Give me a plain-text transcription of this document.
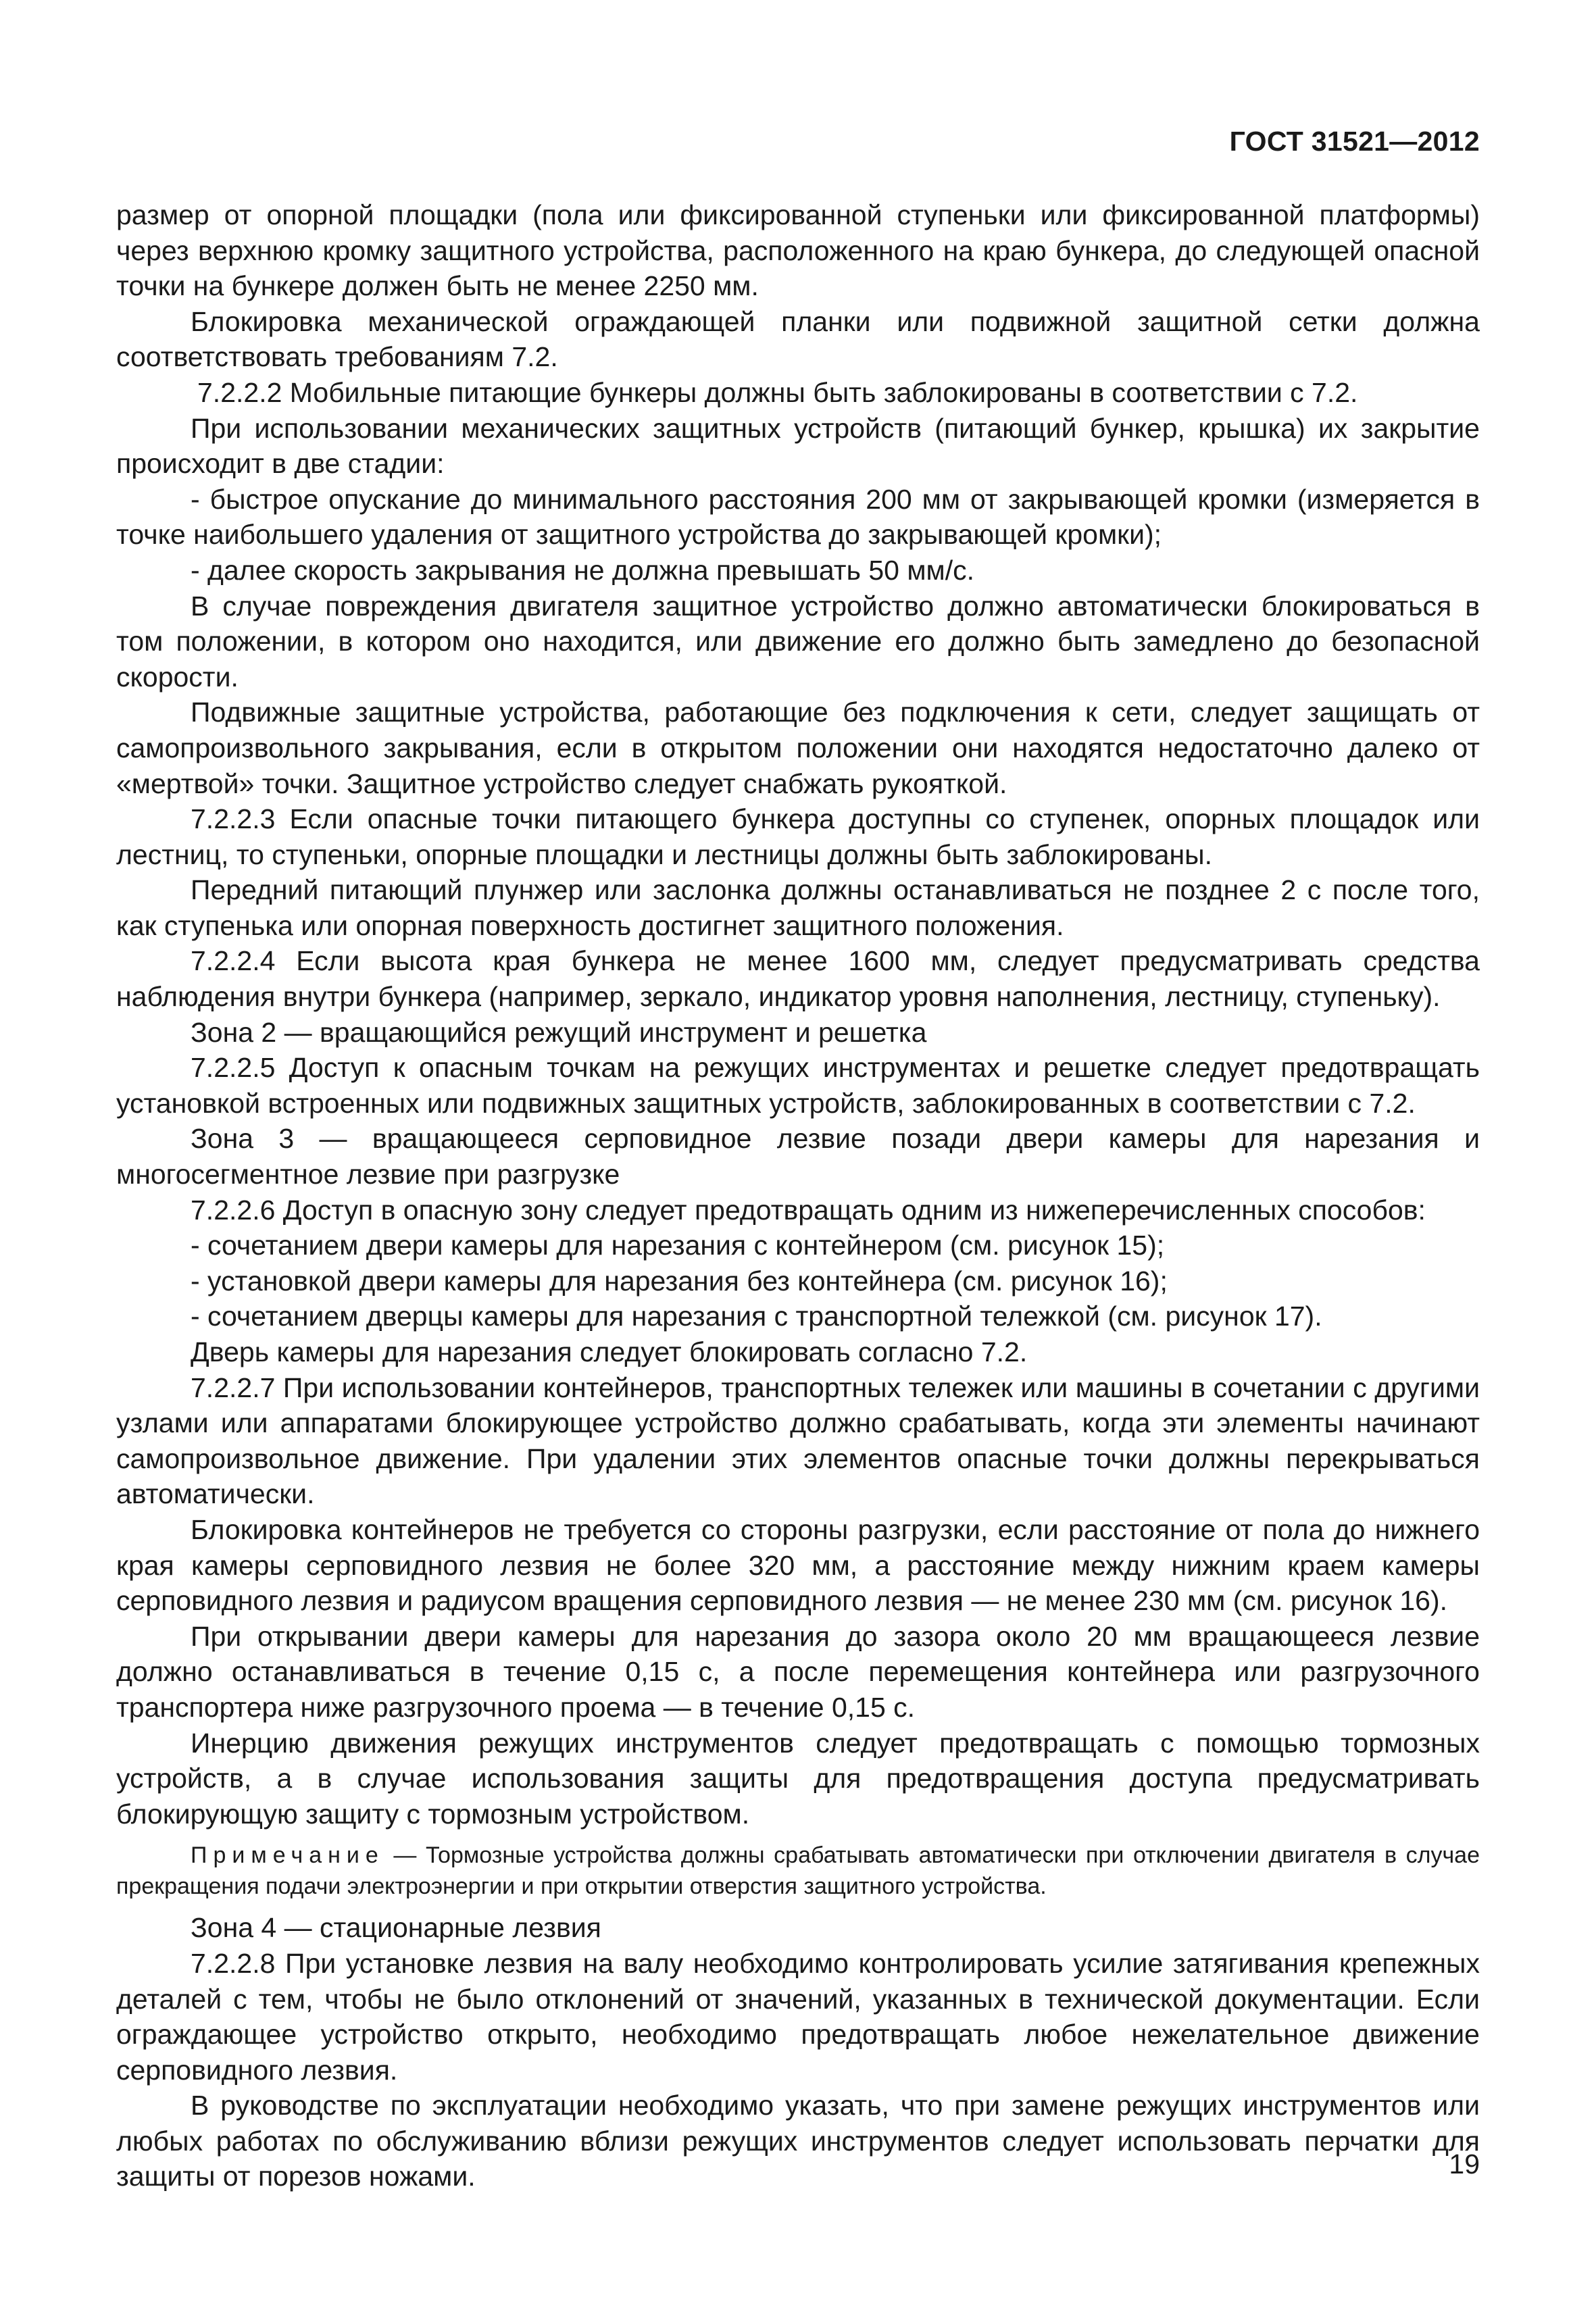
ГОСТ 31521—2012

размер от опорной площадки (пола или фиксированной ступеньки или фиксированной платформы) через верхнюю кромку защитного устройства, расположенного на краю бункера, до следующей опасной точки на бункере должен быть не менее 2250 мм.

Блокировка механической ограждающей планки или подвижной защитной сетки должна соответствовать требованиям 7.2.

7.2.2.2 Мобильные питающие бункеры должны быть заблокированы в соответствии с 7.2.

При использовании механических защитных устройств (питающий бункер, крышка) их закрытие происходит в две стадии:

- быстрое опускание до минимального расстояния 200 мм от закрывающей кромки (измеряется в точке наибольшего удаления от защитного устройства до закрывающей кромки);

- далее скорость закрывания не должна превышать 50 мм/с.

В случае повреждения двигателя защитное устройство должно автоматически блокироваться в том положении, в котором оно находится, или движение его должно быть замедлено до безопасной скорости.

Подвижные защитные устройства, работающие без подключения к сети, следует защищать от самопроизвольного закрывания, если в открытом положении они находятся недостаточно далеко от «мертвой» точки. Защитное устройство следует снабжать рукояткой.

7.2.2.3 Если опасные точки питающего бункера доступны со ступенек, опорных площадок или лестниц, то ступеньки, опорные площадки и лестницы должны быть заблокированы.

Передний питающий плунжер или заслонка должны останавливаться не позднее 2 с после того, как ступенька или опорная поверхность достигнет защитного положения.

7.2.2.4 Если высота края бункера не менее 1600 мм, следует предусматривать средства наблюдения внутри бункера (например, зеркало, индикатор уровня наполнения, лестницу, ступеньку).

Зона 2 — вращающийся режущий инструмент и решетка

7.2.2.5 Доступ к опасным точкам на режущих инструментах и решетке следует предотвращать установкой встроенных или подвижных защитных устройств, заблокированных в соответствии с 7.2.

Зона 3 — вращающееся серповидное лезвие позади двери камеры для нарезания и многосегментное лезвие при разгрузке

7.2.2.6 Доступ в опасную зону следует предотвращать одним из нижеперечисленных способов:

- сочетанием двери камеры для нарезания с контейнером (см. рисунок 15);

- установкой двери камеры для нарезания без контейнера (см. рисунок 16);

- сочетанием дверцы камеры для нарезания с транспортной тележкой (см. рисунок 17).

Дверь камеры для нарезания следует блокировать согласно 7.2.

7.2.2.7 При использовании контейнеров, транспортных тележек или машины в сочетании с другими узлами или аппаратами блокирующее устройство должно срабатывать, когда эти элементы начинают самопроизвольное движение. При удалении этих элементов опасные точки должны перекрываться автоматически.

Блокировка контейнеров не требуется со стороны разгрузки, если расстояние от пола до нижнего края камеры серповидного лезвия не более 320 мм, а расстояние между нижним краем камеры серповидного лезвия и радиусом вращения серповидного лезвия — не менее 230 мм (см. рисунок 16).

При открывании двери камеры для нарезания до зазора около 20 мм вращающееся лезвие должно останавливаться в течение 0,15 с, а после перемещения контейнера или разгрузочного транспортера ниже разгрузочного проема — в течение 0,15 с.

Инерцию движения режущих инструментов следует предотвращать с помощью тормозных устройств, а в случае использования защиты для предотвращения доступа предусматривать блокирующую защиту с тормозным устройством.

Примечание — Тормозные устройства должны срабатывать автоматически при отключении двигателя в случае прекращения подачи электроэнергии и при открытии отверстия защитного устройства.

Зона 4 — стационарные лезвия

7.2.2.8 При установке лезвия на валу необходимо контролировать усилие затягивания крепежных деталей с тем, чтобы не было отклонений от значений, указанных в технической документации. Если ограждающее устройство открыто, необходимо предотвращать любое нежелательное движение серповидного лезвия.

В руководстве по эксплуатации необходимо указать, что при замене режущих инструментов или любых работах по обслуживанию вблизи режущих инструментов следует использовать перчатки для защиты от порезов ножами.	19
